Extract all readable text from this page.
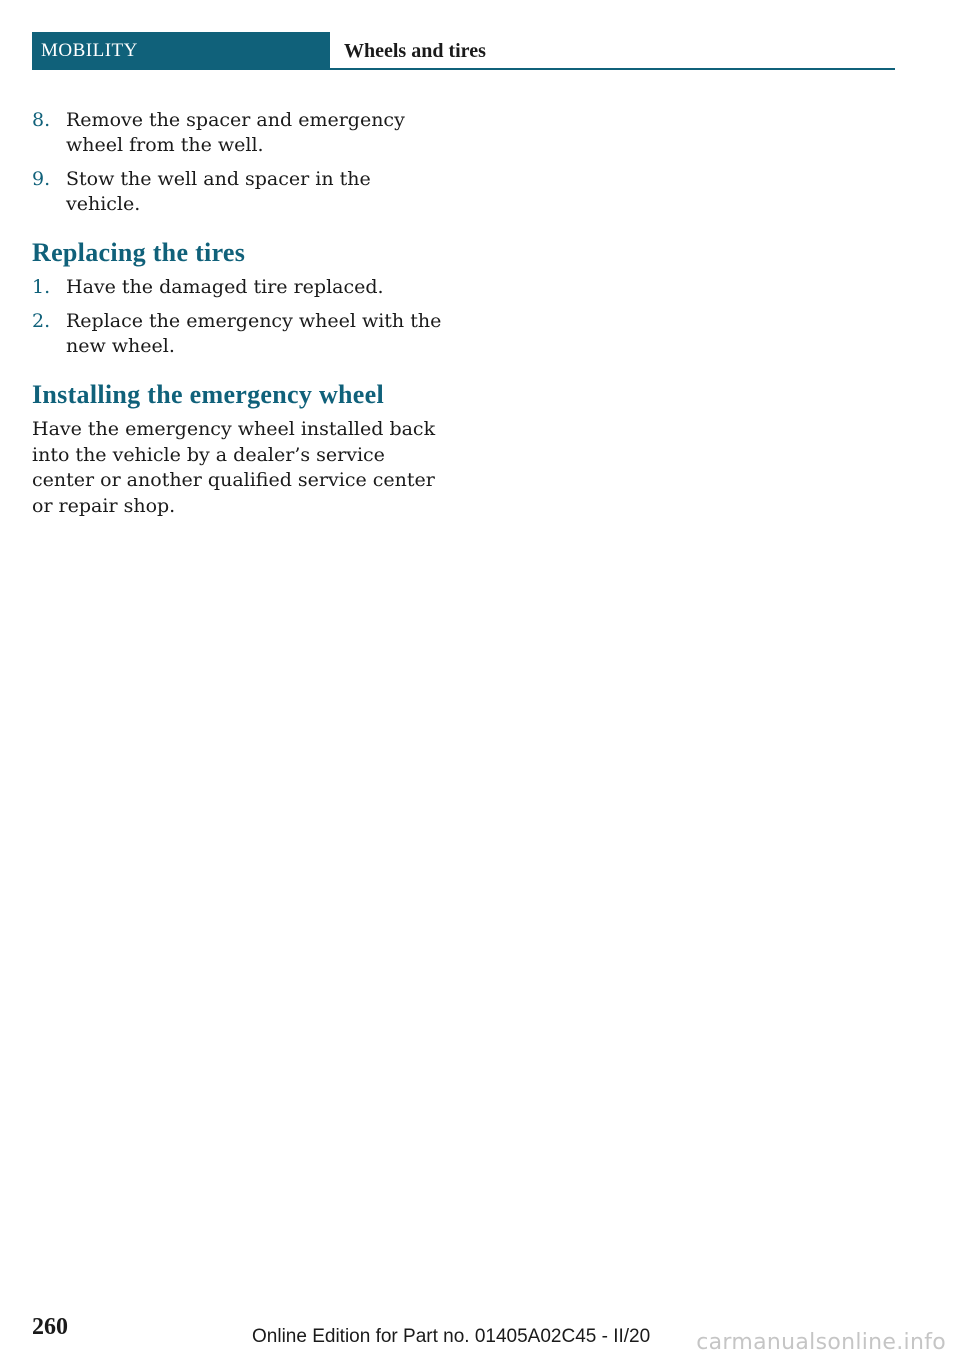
MOBILITY	Wheels and tires
8. Remove the spacer and emergency wheel from the well.
9. Stow the well and spacer in the vehicle.
Replacing the tires
1. Have the damaged tire replaced.
2. Replace the emergency wheel with the new wheel.
Installing the emergency wheel

Have the emergency wheel installed back into the vehicle by a dealer’s service center or another qualified service center or repair shop.

260	Online Edition for Part no. 01405A02C45 - II/20 carmanualsonline.info
